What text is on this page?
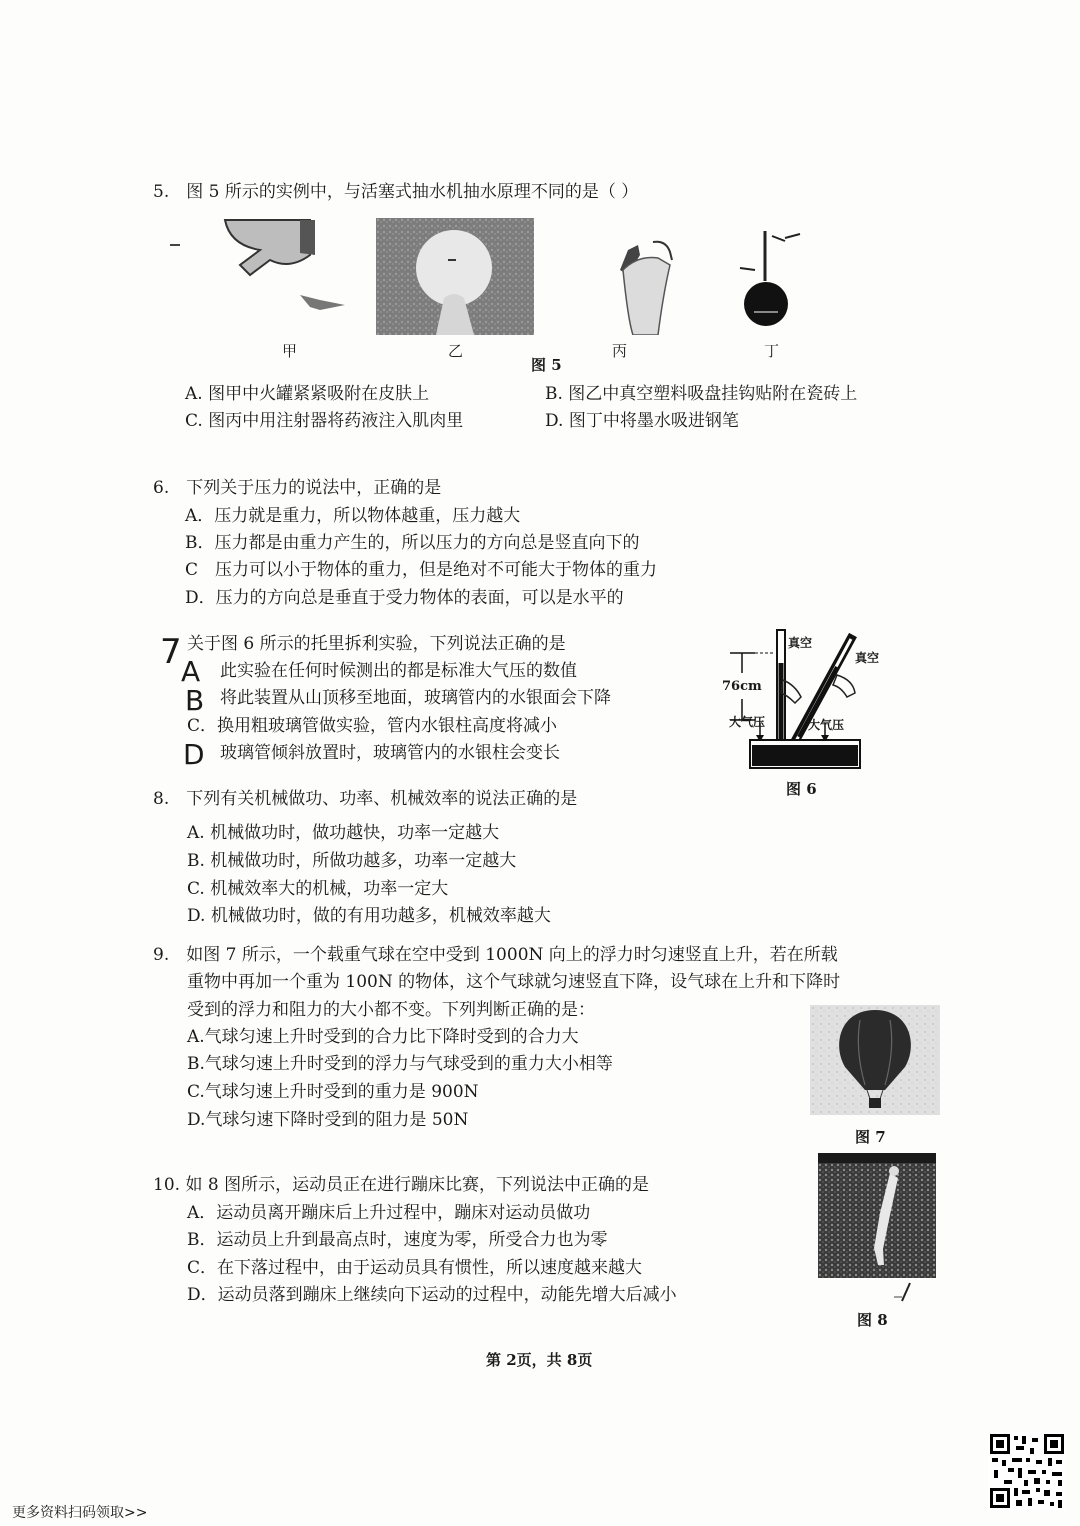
5.　图 5 所示的实例中，与活塞式抽水机抽水原理不同的是（ ）
甲	乙
图 5
丙	丁
A. 图甲中火罐紧紧吸附在皮肤上	B. 图乙中真空塑料吸盘挂钩贴附在瓷砖上
C. 图丙中用注射器将药液注入肌肉里	D. 图丁中将墨水吸进钢笔
6.　下列关于压力的说法中，正确的是
A．压力就是重力，所以物体越重，压力越大
B．压力都是由重力产生的，所以压力的方向总是竖直向下的
C　压力可以小于物体的重力，但是绝对不可能大于物体的重力
D．压力的方向总是垂直于受力物体的表面，可以是水平的
7 关于图 6 所示的托里拆利实验，下列说法正确的是
A 此实验在任何时候测出的都是标准大气压的数值
B 将此装置从山顶移至地面，玻璃管内的水银面会下降
C．换用粗玻璃管做实验，管内水银柱高度将减小
D 玻璃管倾斜放置时，玻璃管内的水银柱会变长
真空
真空
76cm
大气压	大气压
图 6
8.　下列有关机械做功、功率、机械效率的说法正确的是
A. 机械做功时，做功越快，功率一定越大
B. 机械做功时，所做功越多，功率一定越大
C. 机械效率大的机械，功率一定大
D. 机械做功时，做的有用功越多，机械效率越大
9.　如图 7 所示，一个载重气球在空中受到 1000N 向上的浮力时匀速竖直上升，若在所载
重物中再加一个重为 100N 的物体，这个气球就匀速竖直下降，设气球在上升和下降时
受到的浮力和阻力的大小都不变。下列判断正确的是：
A.气球匀速上升时受到的合力比下降时受到的合力大
B.气球匀速上升时受到的浮力与气球受到的重力大小相等
C.气球匀速上升时受到的重力是 900N
D.气球匀速下降时受到的阻力是 50N
图 7
10. 如 8 图所示，运动员正在进行蹦床比赛，下列说法中正确的是
A．运动员离开蹦床后上升过程中，蹦床对运动员做功
B．运动员上升到最高点时，速度为零，所受合力也为零
C．在下落过程中，由于运动员具有惯性，所以速度越来越大
D．运动员落到蹦床上继续向下运动的过程中，动能先增大后减小
图 8
第 2页，共 8页
更多资料扫码领取>>
